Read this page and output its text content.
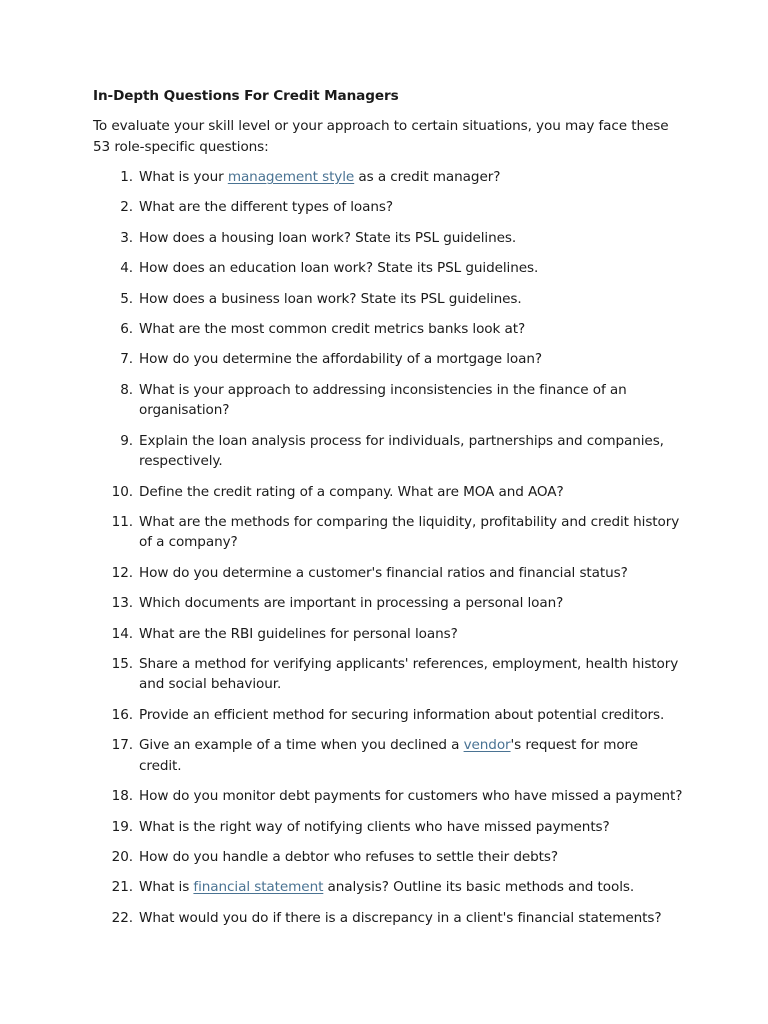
In-Depth Questions For Credit Managers
To evaluate your skill level or your approach to certain situations, you may face these 53 role-specific questions:
1. What is your management style as a credit manager?
2. What are the different types of loans?
3. How does a housing loan work? State its PSL guidelines.
4. How does an education loan work? State its PSL guidelines.
5. How does a business loan work? State its PSL guidelines.
6. What are the most common credit metrics banks look at?
7. How do you determine the affordability of a mortgage loan?
8. What is your approach to addressing inconsistencies in the finance of an organisation?
9. Explain the loan analysis process for individuals, partnerships and companies, respectively.
10. Define the credit rating of a company. What are MOA and AOA?
11. What are the methods for comparing the liquidity, profitability and credit history of a company?
12. How do you determine a customer's financial ratios and financial status?
13. Which documents are important in processing a personal loan?
14. What are the RBI guidelines for personal loans?
15. Share a method for verifying applicants' references, employment, health history and social behaviour.
16. Provide an efficient method for securing information about potential creditors.
17. Give an example of a time when you declined a vendor's request for more credit.
18. How do you monitor debt payments for customers who have missed a payment?
19. What is the right way of notifying clients who have missed payments?
20. How do you handle a debtor who refuses to settle their debts?
21. What is financial statement analysis? Outline its basic methods and tools.
22. What would you do if there is a discrepancy in a client's financial statements?
